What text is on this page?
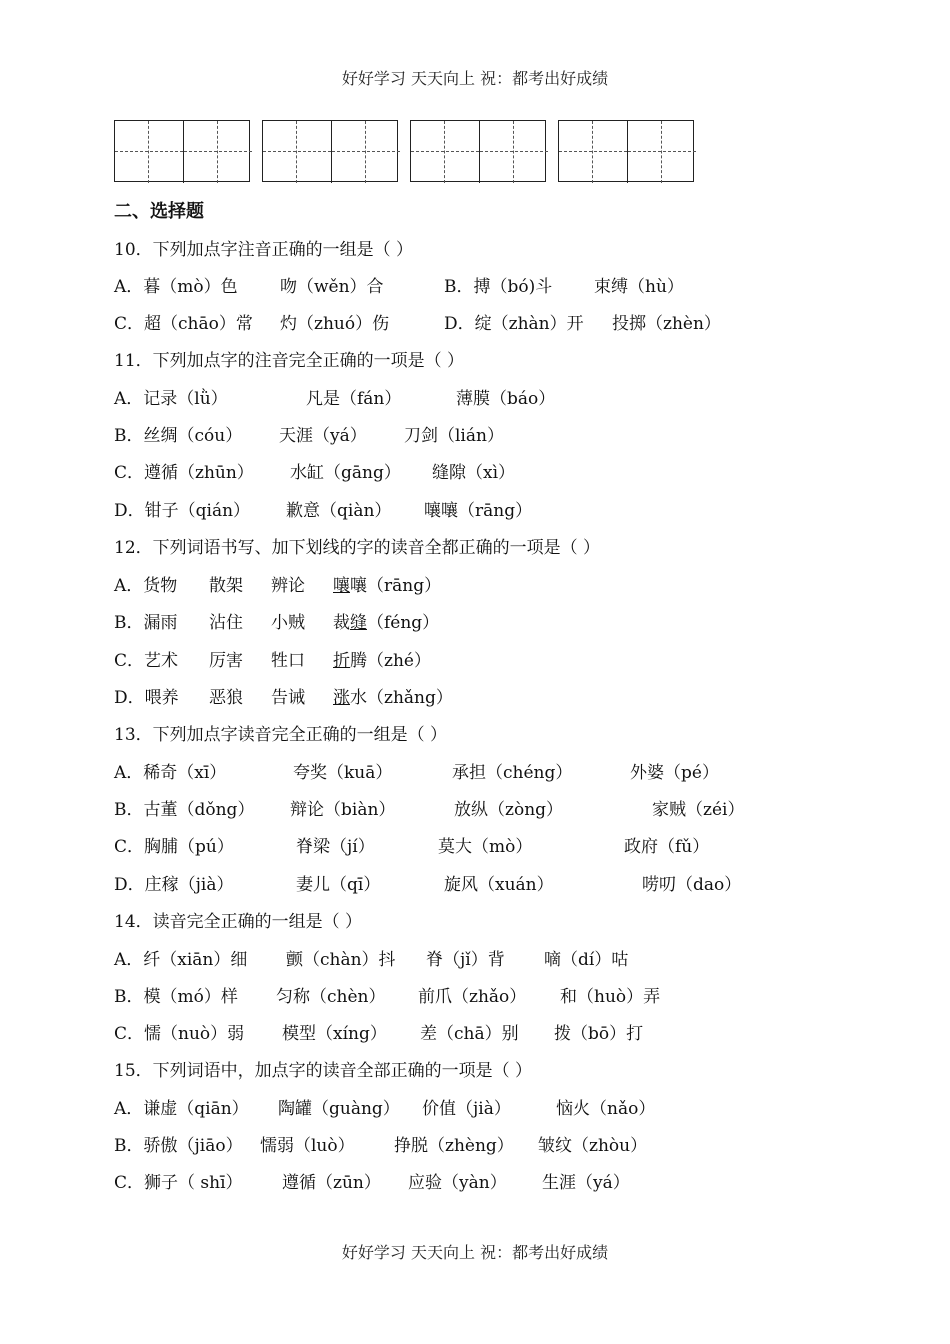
好好学习 天天向上 祝：都考出好成绩
二、选择题
10．下列加点字注音正确的一组是（ ）
A．暮（mò）色 吻（wěn）合	B．搏（bó)斗 束缚（hù）
C．超（chāo）常 灼（zhuó）伤	D．绽（zhàn）开 投掷（zhèn）
11．下列加点字的注音完全正确的一项是（ ）
A．记录（lǜ）	凡是（fán）	薄膜（báo）
B．丝绸（cóu） 天涯（yá） 刀剑（lián）
C．遵循（zhūn） 水缸（gāng） 缝隙（xì）
D．钳子（qián） 歉意（qiàn） 嚷嚷（rāng）
12．下列词语书写、加下划线的字的读音全都正确的一项是（ ）
A．货物 散架 辨论 嚷嚷（rāng）
B．漏雨 沾住 小贼 裁缝（féng）
C．艺术 厉害 牲口 折腾（zhé）
D．喂养 恶狼 告诫 涨水（zhǎng）
13．下列加点字读音完全正确的一组是（ ）
A．稀奇（xī）	夸奖（kuā）	承担（chéng）	外婆（pé）
B．古董（dǒng） 辩论（biàn）	放纵（zòng）	家贼（zéi）
C．胸脯（pú）	脊梁（jí）	莫大（mò）	政府（fǔ）
D．庄稼（jià）	妻儿（qī）	旋风（xuán）	唠叨（dao）
14．读音完全正确的一组是（ ）
A．纤（xiān）细 颤（chàn）抖 脊（jǐ）背 嘀（dí）咕
B．模（mó）样 匀称（chèn） 前爪（zhǎo） 和（huò）弄
C．懦（nuò）弱 模型（xíng） 差（chā）别 拨（bō）打
15．下列词语中，加点字的读音全部正确的一项是（ ）
A．谦虚（qiān） 陶罐（guàng） 价值（jià）	恼火（nǎo）
B．骄傲（jiāo） 懦弱（luò） 挣脱（zhèng） 皱纹（zhòu）
C．狮子（ shī） 遵循（zūn） 应验（yàn） 生涯（yá）
好好学习 天天向上 祝：都考出好成绩
